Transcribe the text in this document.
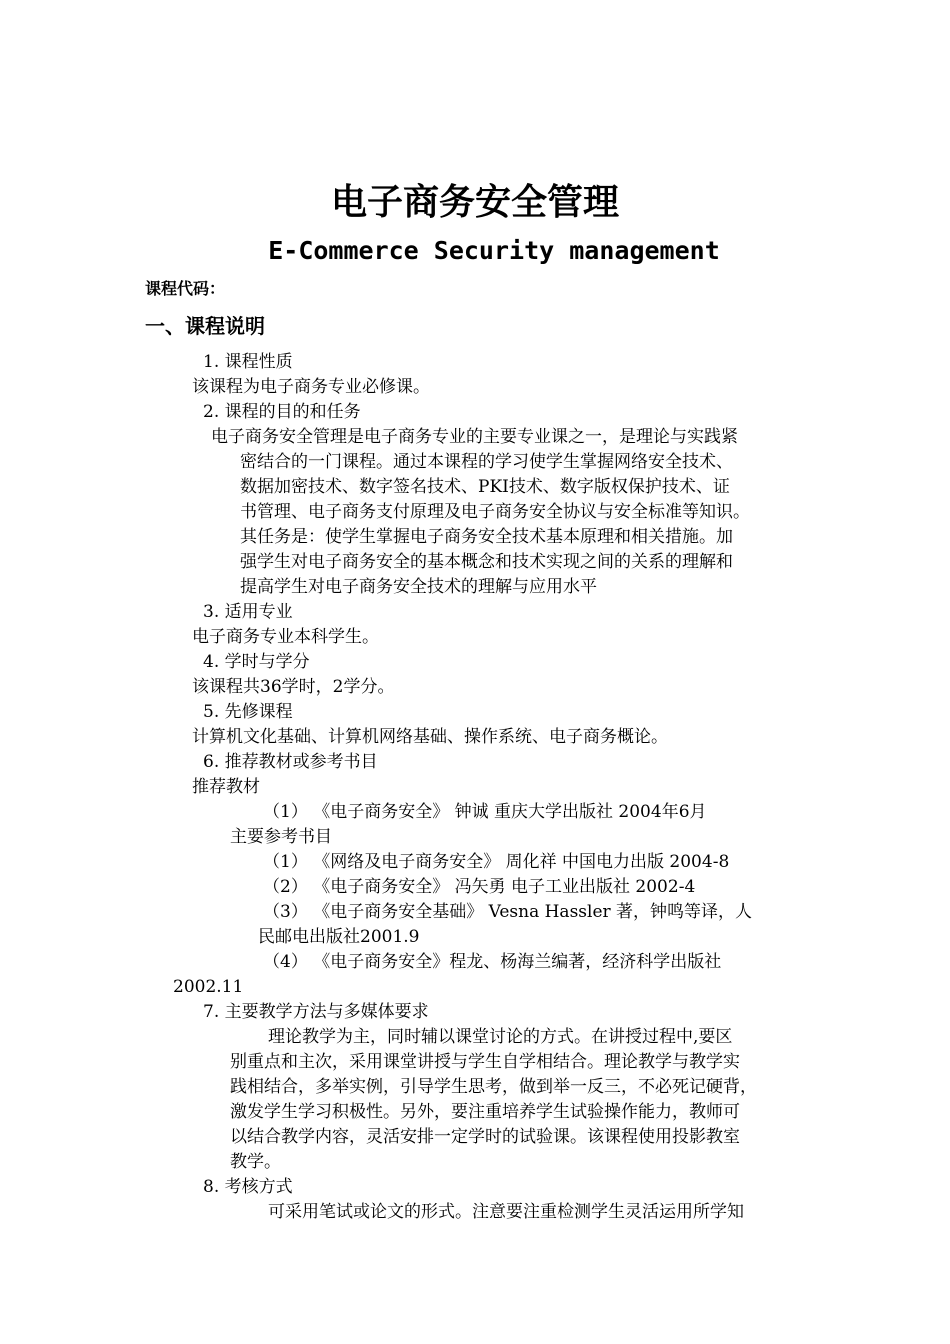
电子商务安全管理
E-Commerce Security management
课程代码：
一、课程说明
1. 课程性质
该课程为电子商务专业必修课。
2. 课程的目的和任务
电子商务安全管理是电子商务专业的主要专业课之一，是理论与实践紧
密结合的一门课程。通过本课程的学习使学生掌握网络安全技术、
数据加密技术、数字签名技术、PKI技术、数字版权保护技术、证
书管理、电子商务支付原理及电子商务安全协议与安全标准等知识。
其任务是：使学生掌握电子商务安全技术基本原理和相关措施。加
强学生对电子商务安全的基本概念和技术实现之间的关系的理解和
提高学生对电子商务安全技术的理解与应用水平
3. 适用专业
电子商务专业本科学生。
4. 学时与学分
该课程共36学时，2学分。
5. 先修课程
计算机文化基础、计算机网络基础、操作系统、电子商务概论。
6. 推荐教材或参考书目
推荐教材
（1） 《电子商务安全》 钟诚 重庆大学出版社 2004年6月
主要参考书目
（1） 《网络及电子商务安全》 周化祥 中国电力出版 2004-8
（2） 《电子商务安全》 冯矢勇 电子工业出版社 2002-4
（3） 《电子商务安全基础》 Vesna Hassler 著，钟鸣等译，人
民邮电出版社2001.9
（4） 《电子商务安全》程龙、杨海兰编著，经济科学出版社
2002.11
7. 主要教学方法与多媒体要求
理论教学为主，同时辅以课堂讨论的方式。在讲授过程中,要区
别重点和主次，采用课堂讲授与学生自学相结合。理论教学与教学实
践相结合，多举实例，引导学生思考，做到举一反三，不必死记硬背，
激发学生学习积极性。另外，要注重培养学生试验操作能力，教师可
以结合教学内容，灵活安排一定学时的试验课。该课程使用投影教室
教学。
8. 考核方式
可采用笔试或论文的形式。注意要注重检测学生灵活运用所学知
